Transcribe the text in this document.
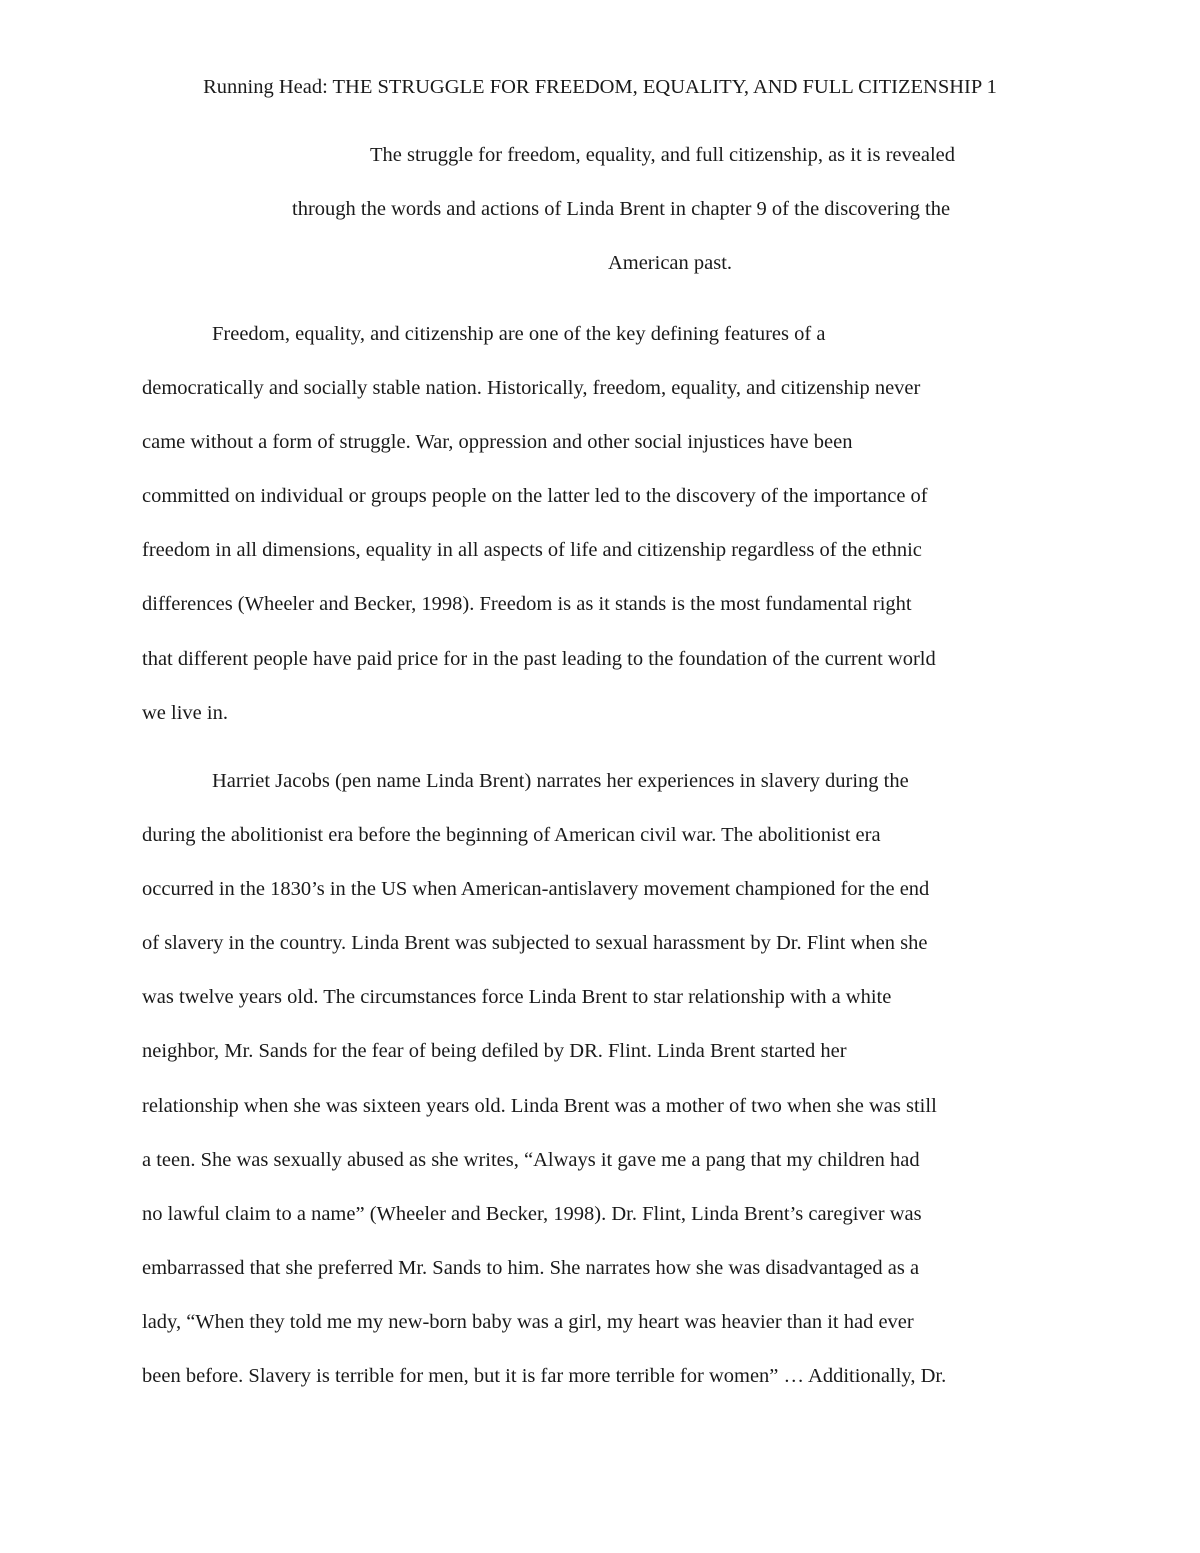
Running Head: THE STRUGGLE FOR FREEDOM, EQUALITY, AND FULL CITIZENSHIP 1
The struggle for freedom, equality, and full citizenship, as it is revealed
through the words and actions of Linda Brent in chapter 9 of the discovering the
American past.
Freedom, equality, and citizenship are one of the key defining features of a
democratically and socially stable nation. Historically, freedom, equality, and citizenship never
came without a form of struggle. War, oppression and other social injustices have been
committed on individual or groups people on the latter led to the discovery of the importance of
freedom in all dimensions, equality in all aspects of life and citizenship regardless of the ethnic
differences (Wheeler and Becker, 1998). Freedom is as it stands is the most fundamental right
that different people have paid price for in the past leading to the foundation of the current world
we live in.
Harriet Jacobs (pen name Linda Brent) narrates her experiences in slavery during the
during the abolitionist era before the beginning of American civil war. The abolitionist era
occurred in the 1830’s in the US when American-antislavery movement championed for the end
of slavery in the country. Linda Brent was subjected to sexual harassment by Dr. Flint when she
was twelve years old. The circumstances force Linda Brent to star relationship with a white
neighbor, Mr. Sands for the fear of being defiled by DR. Flint. Linda Brent started her
relationship when she was sixteen years old. Linda Brent was a mother of two when she was still
a teen. She was sexually abused as she writes, “Always it gave me a pang that my children had
no lawful claim to a name” (Wheeler and Becker, 1998). Dr. Flint, Linda Brent’s caregiver was
embarrassed that she preferred Mr. Sands to him. She narrates how she was disadvantaged as a
lady, “When they told me my new-born baby was a girl, my heart was heavier than it had ever
been before. Slavery is terrible for men, but it is far more terrible for women” … Additionally, Dr.
